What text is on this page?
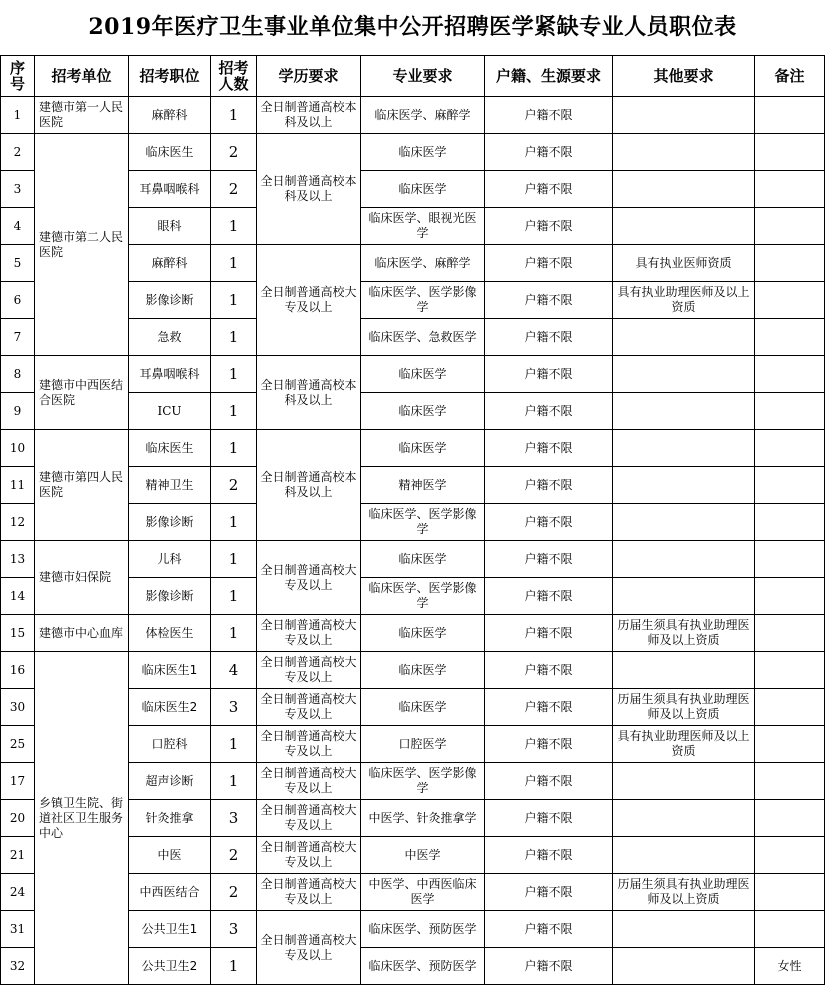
2019年医疗卫生事业单位集中公开招聘医学紧缺专业人员职位表
序号	招考单位	招考职位	招考人数	学历要求	专业要求	户籍、生源要求	其他要求	备注
1	建德市第一人民医院	麻醉科	1	全日制普通高校本科及以上	临床医学、麻醉学	户籍不限		
2	建德市第二人民医院	临床医生	2	全日制普通高校本科及以上	临床医学	户籍不限		
3		耳鼻咽喉科	2		临床医学	户籍不限		
4		眼科	1		临床医学、眼视光医学	户籍不限		
5		麻醉科	1	全日制普通高校大专及以上	临床医学、麻醉学	户籍不限	具有执业医师资质	
6		影像诊断	1		临床医学、医学影像学	户籍不限	具有执业助理医师及以上资质	
7		急救	1		临床医学、急救医学	户籍不限		
8	建德市中西医结合医院	耳鼻咽喉科	1	全日制普通高校本科及以上	临床医学	户籍不限		
9		ICU	1		临床医学	户籍不限		
10	建德市第四人民医院	临床医生	1	全日制普通高校本科及以上	临床医学	户籍不限		
11		精神卫生	2		精神医学	户籍不限		
12		影像诊断	1		临床医学、医学影像学	户籍不限		
13	建德市妇保院	儿科	1	全日制普通高校大专及以上	临床医学	户籍不限		
14		影像诊断	1		临床医学、医学影像学	户籍不限		
15	建德市中心血库	体检医生	1	全日制普通高校大专及以上	临床医学	户籍不限	历届生须具有执业助理医师及以上资质	
16	乡镇卫生院、街道社区卫生服务中心	临床医生1	4	全日制普通高校大专及以上	临床医学	户籍不限		
30		临床医生2	3	全日制普通高校大专及以上	临床医学	户籍不限	历届生须具有执业助理医师及以上资质	
25		口腔科	1	全日制普通高校大专及以上	口腔医学	户籍不限	具有执业助理医师及以上资质	
17		超声诊断	1	全日制普通高校大专及以上	临床医学、医学影像学	户籍不限		
20		针灸推拿	3	全日制普通高校大专及以上	中医学、针灸推拿学	户籍不限		
21		中医	2	全日制普通高校大专及以上	中医学	户籍不限		
24		中西医结合	2	全日制普通高校大专及以上	中医学、中西医临床医学	户籍不限	历届生须具有执业助理医师及以上资质	
31		公共卫生1	3	全日制普通高校大专及以上	临床医学、预防医学	户籍不限		
32		公共卫生2	1		临床医学、预防医学	户籍不限		女性
